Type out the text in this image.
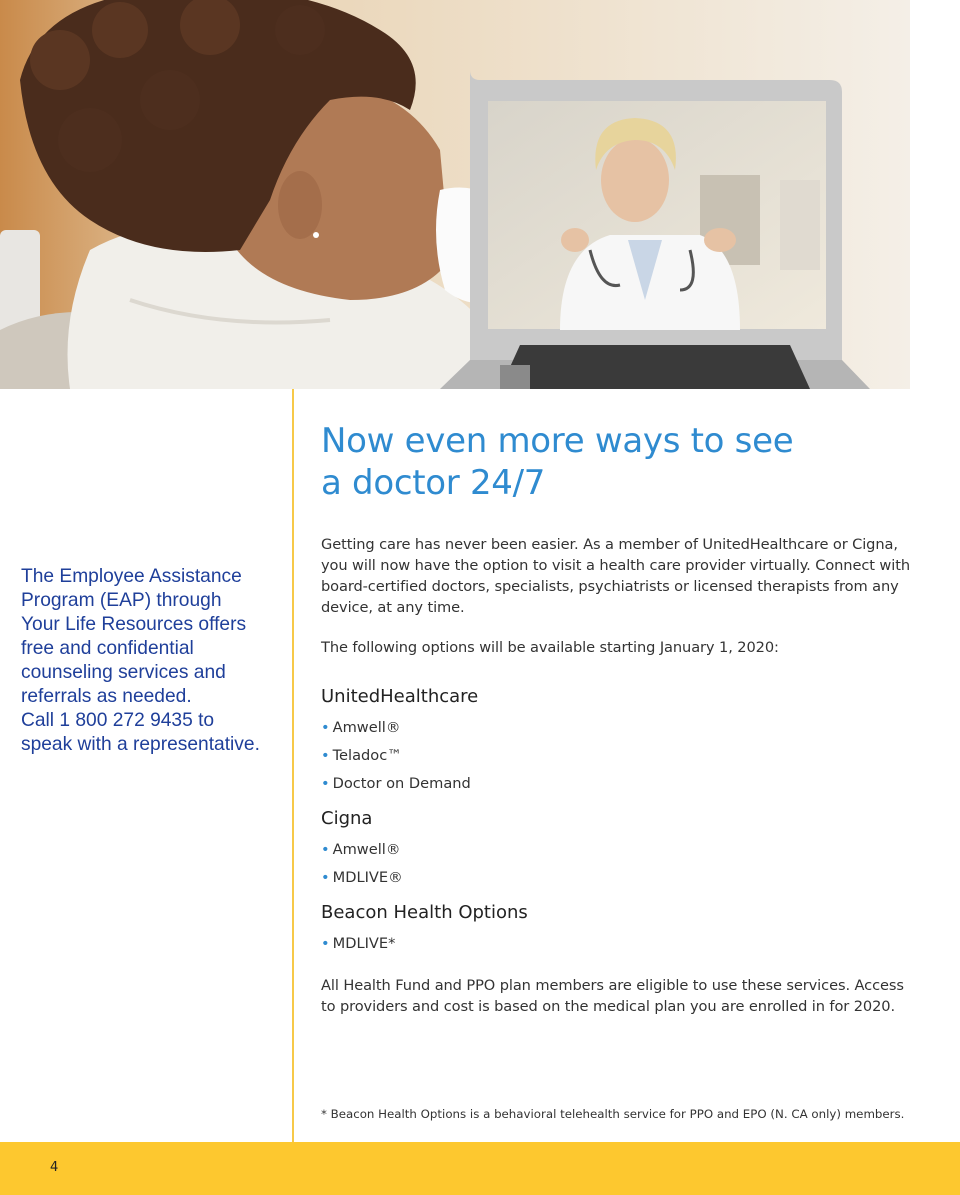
The Employee Assistance

Program (EAP) through

Your Life Resources offers

free and confidential

counseling services and

referrals as needed.

Call 1 800 272 9435 to

speak with a representative.

Now even more ways to see
a doctor 24/7

Getting care has never been easier. As a member of UnitedHealthcare or Cigna, you will now have the option to visit a health care provider virtually. Connect with board-certified doctors, specialists, psychiatrists or licensed therapists from any device, at any time.

The following options will be available starting January 1, 2020:

UnitedHealthcare
• Amwell®
• Teladoc™
• Doctor on Demand
Cigna
• Amwell®
• MDLIVE®
Beacon Health Options
• MDLIVE*

All Health Fund and PPO plan members are eligible to use these services. Access to providers and cost is based on the medical plan you are enrolled in for 2020.

* Beacon Health Options is a behavioral telehealth service for PPO and EPO (N. CA only) members.

4
